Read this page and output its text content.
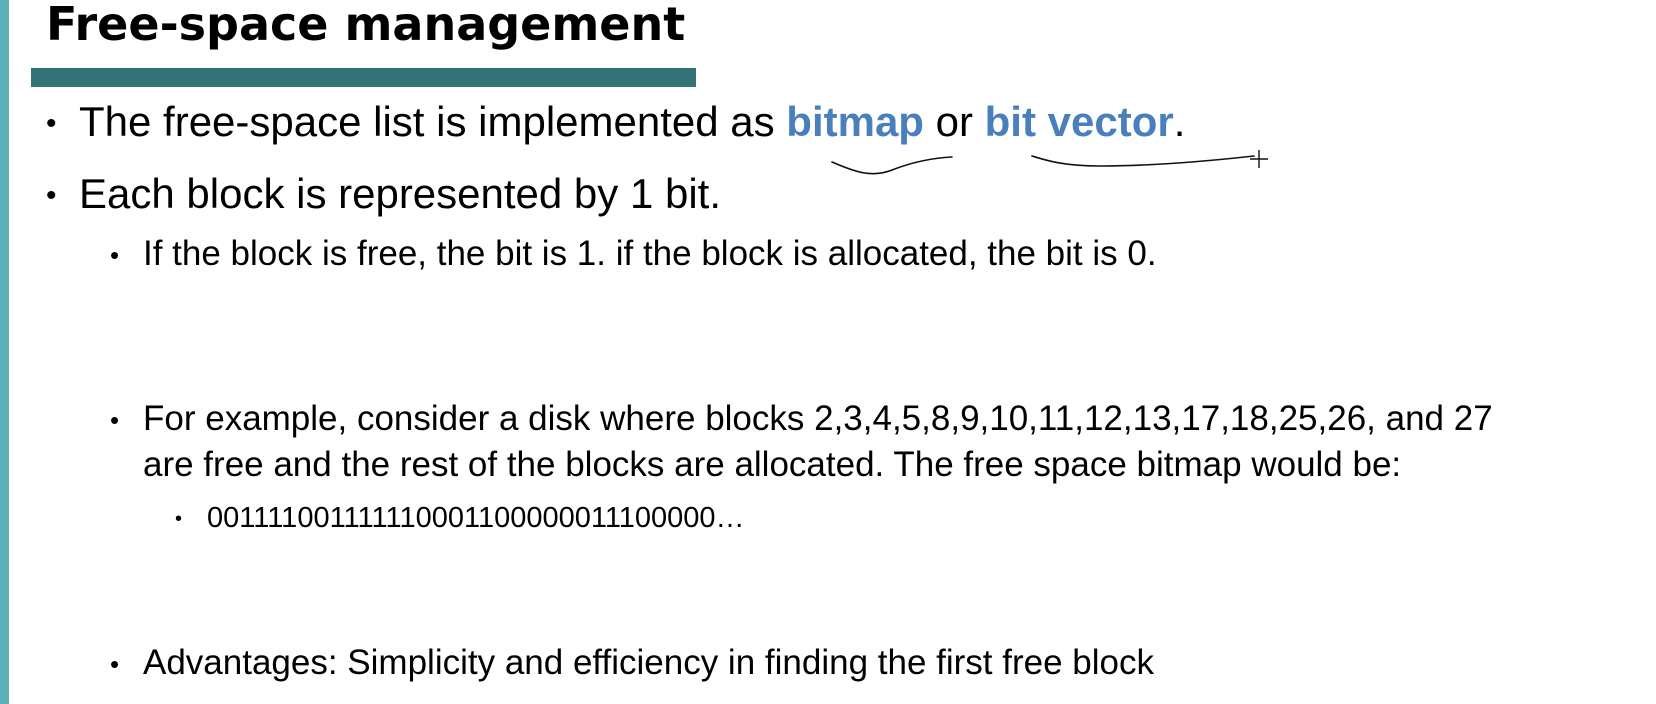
Free-space management
• The free-space list is implemented as bitmap or bit vector.
• Each block is represented by 1 bit.
• If the block is free, the bit is 1. if the block is allocated, the bit is 0.
• For example, consider a disk where blocks 2,3,4,5,8,9,10,11,12,13,17,18,25,26, and 27
are free and the rest of the blocks are allocated. The free space bitmap would be:
• 001111001111110001100000011100000…
• Advantages: Simplicity and efficiency in finding the first free block
